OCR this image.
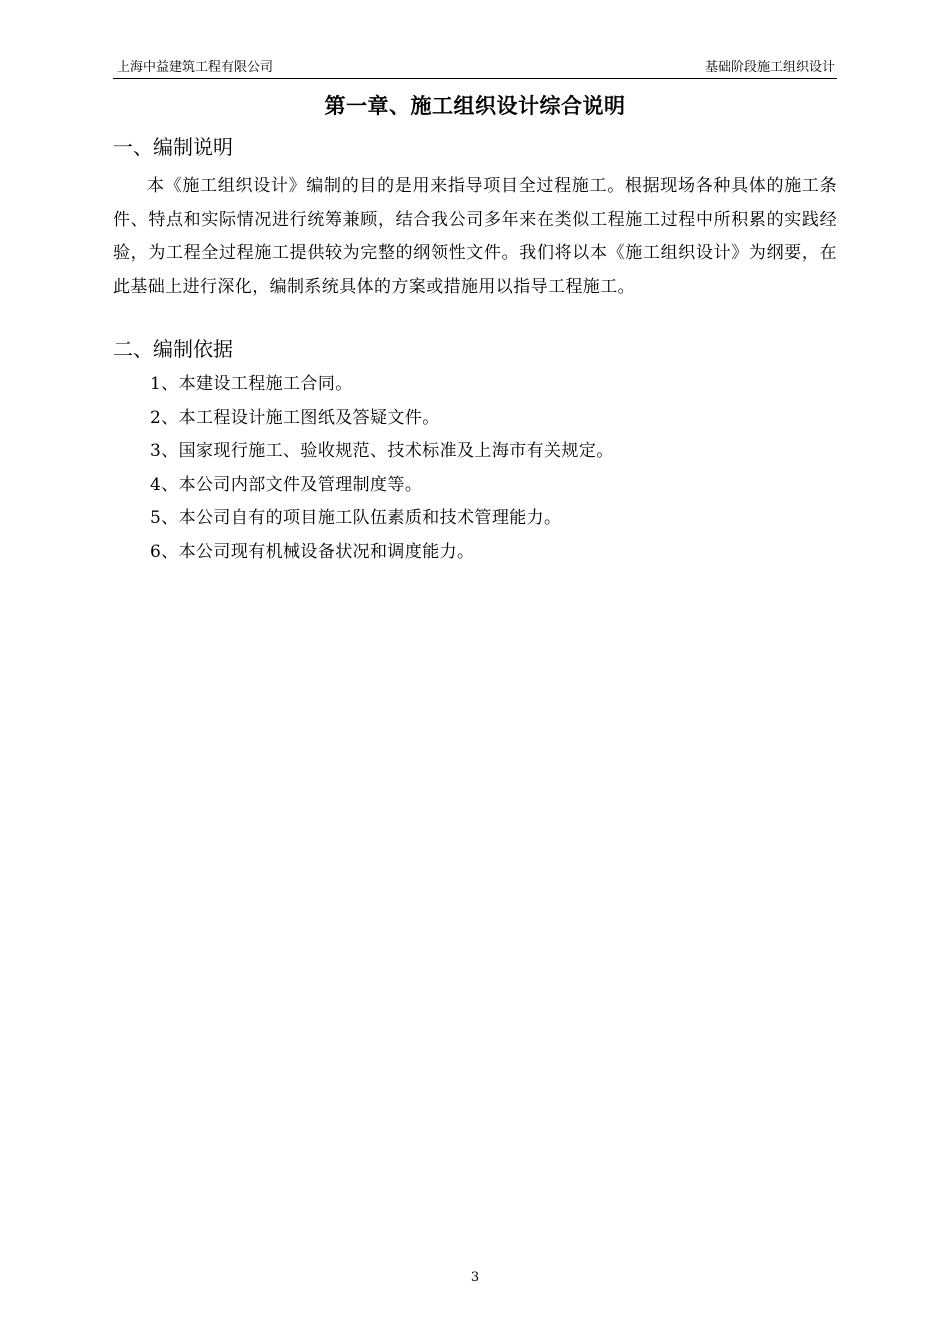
上海中益建筑工程有限公司	基础阶段施工组织设计
第一章、施工组织设计综合说明
一、编制说明
本《施工组织设计》编制的目的是用来指导项目全过程施工。根据现场各种具体的施工条件、特点和实际情况进行统筹兼顾，结合我公司多年来在类似工程施工过程中所积累的实践经验，为工程全过程施工提供较为完整的纲领性文件。我们将以本《施工组织设计》为纲要，在此基础上进行深化，编制系统具体的方案或措施用以指导工程施工。
二、编制依据
1、本建设工程施工合同。
2、本工程设计施工图纸及答疑文件。
3、国家现行施工、验收规范、技术标准及上海市有关规定。
4、本公司内部文件及管理制度等。
5、本公司自有的项目施工队伍素质和技术管理能力。
6、本公司现有机械设备状况和调度能力。
3
